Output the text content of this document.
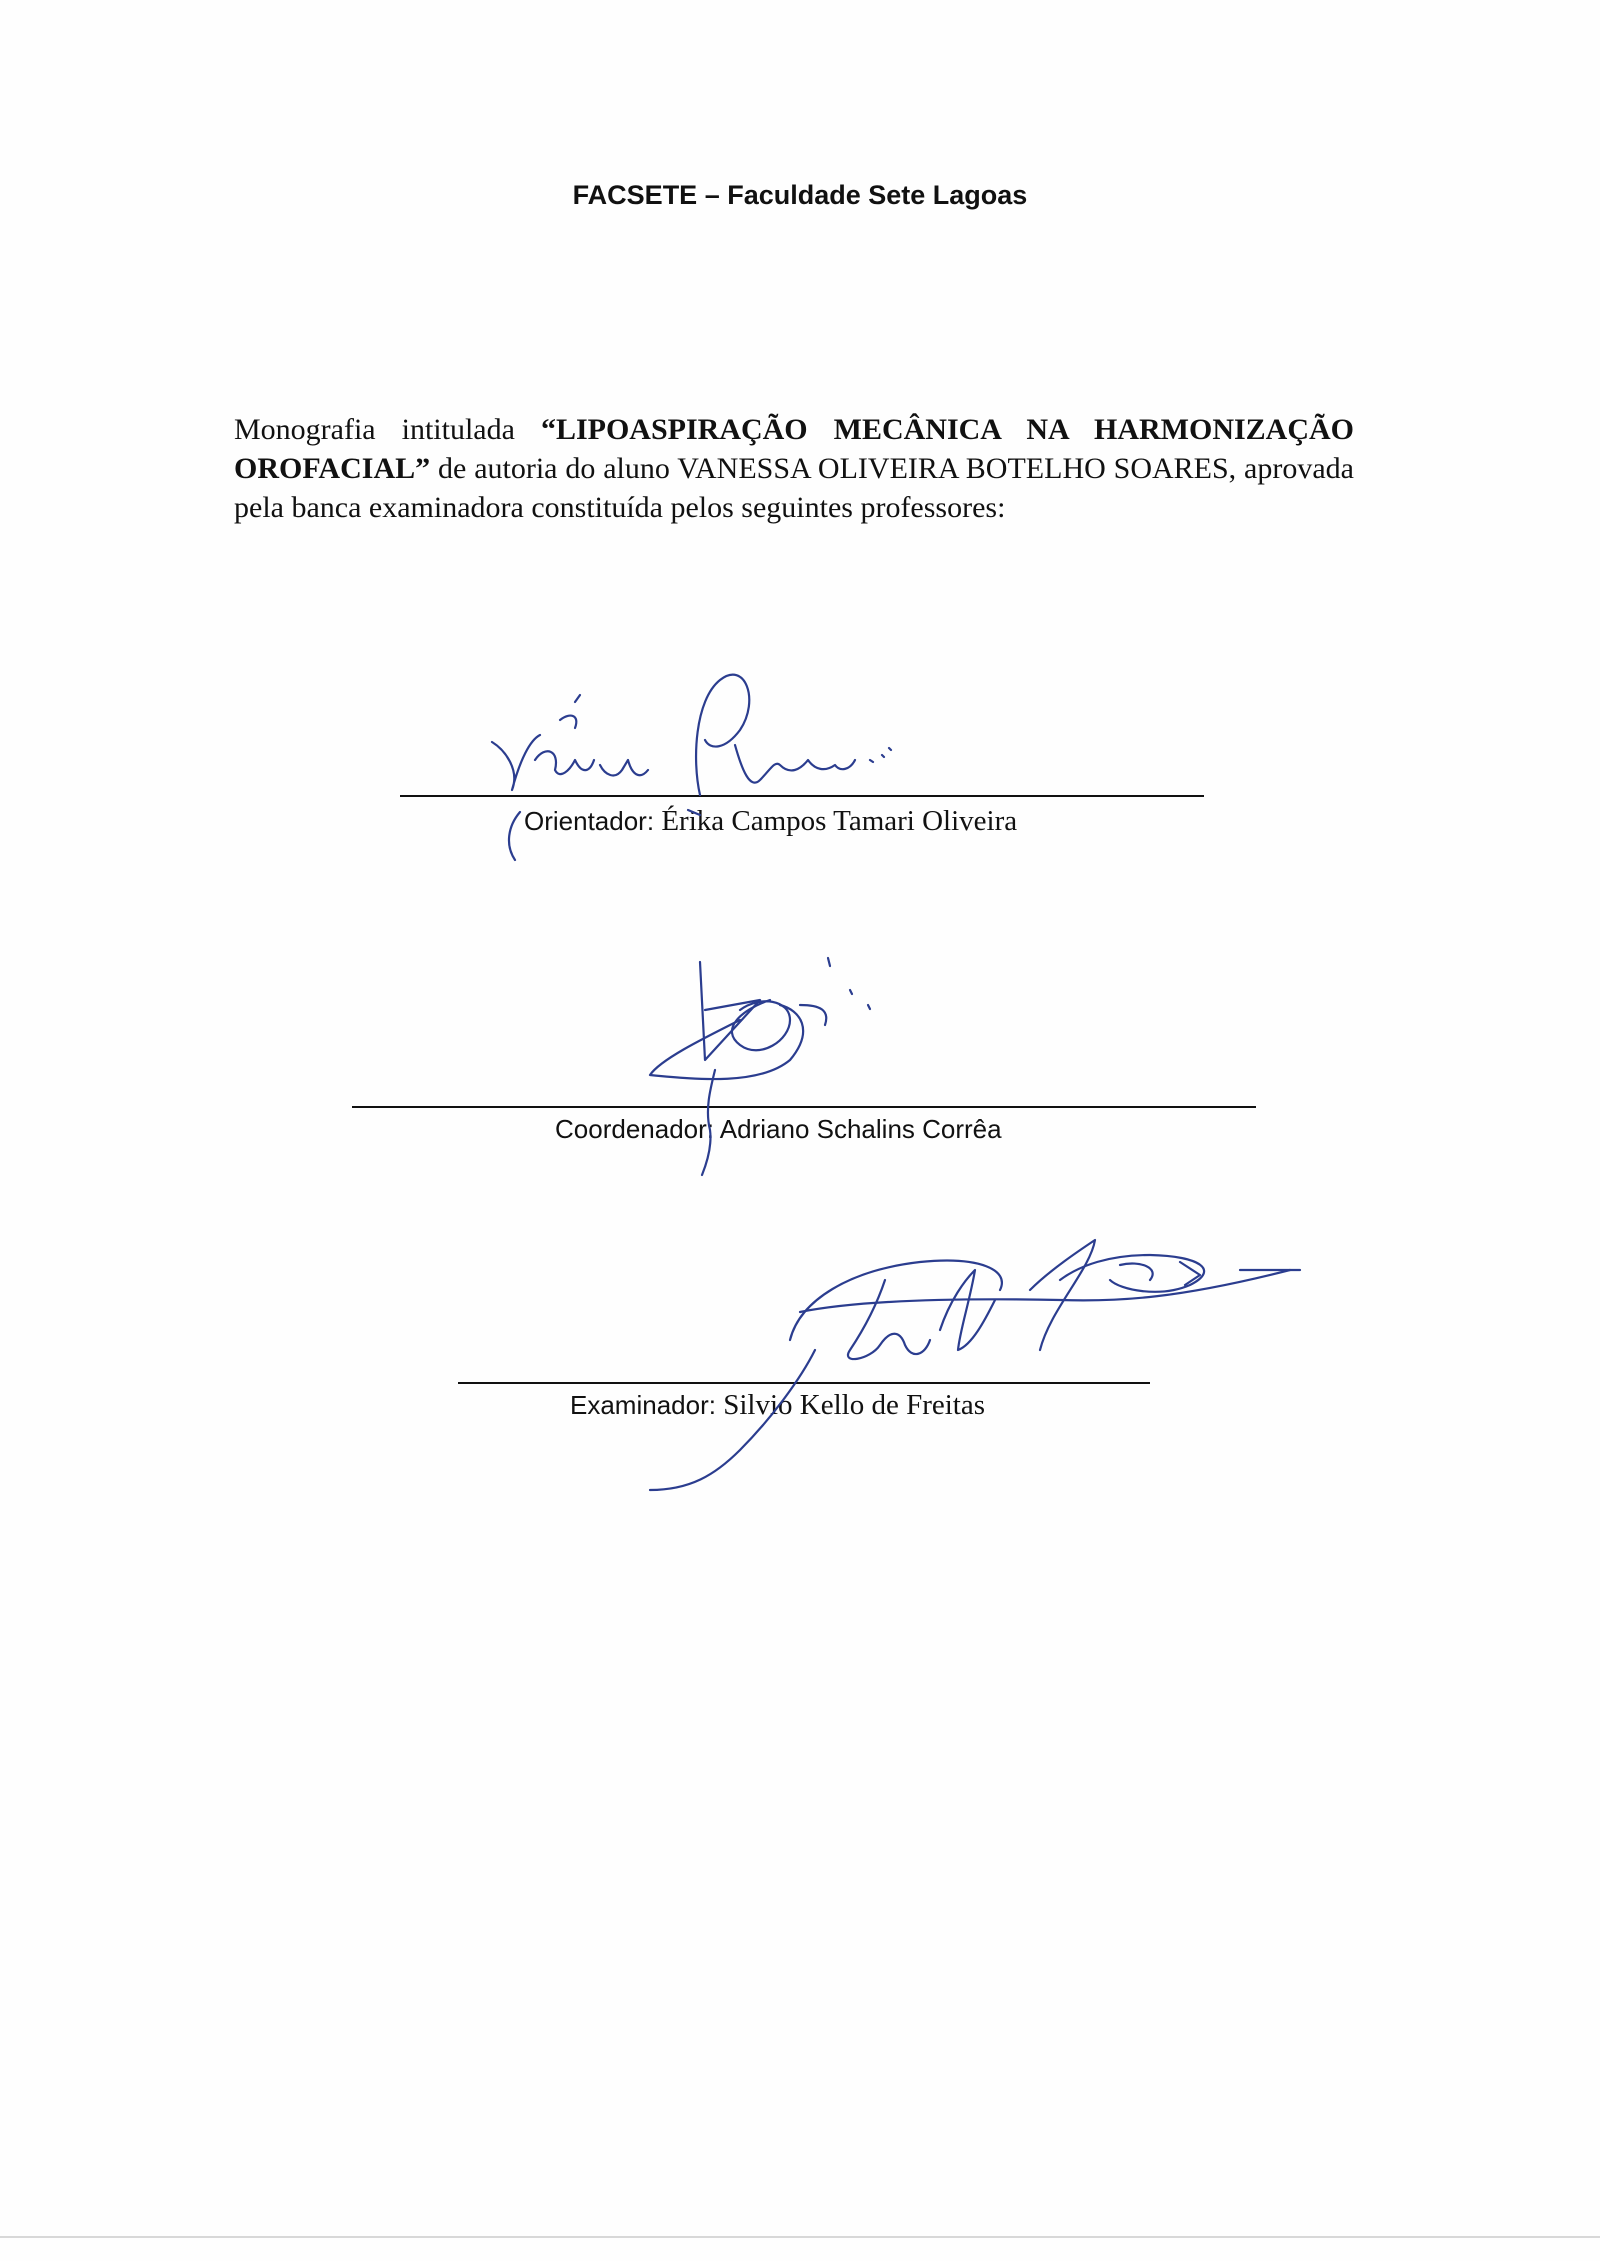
FACSETE – Faculdade Sete Lagoas

Monografia intitulada “LIPOASPIRAÇÃO MECÂNICA NA HARMONIZAÇÃO OROFACIAL” de autoria do aluno VANESSA OLIVEIRA BOTELHO SOARES, aprovada pela banca examinadora constituída pelos seguintes professores:

Orientador: Érika Campos Tamari Oliveira
Coordenador: Adriano Schalins Corrêa
Examinador: Silvio Kello de Freitas
